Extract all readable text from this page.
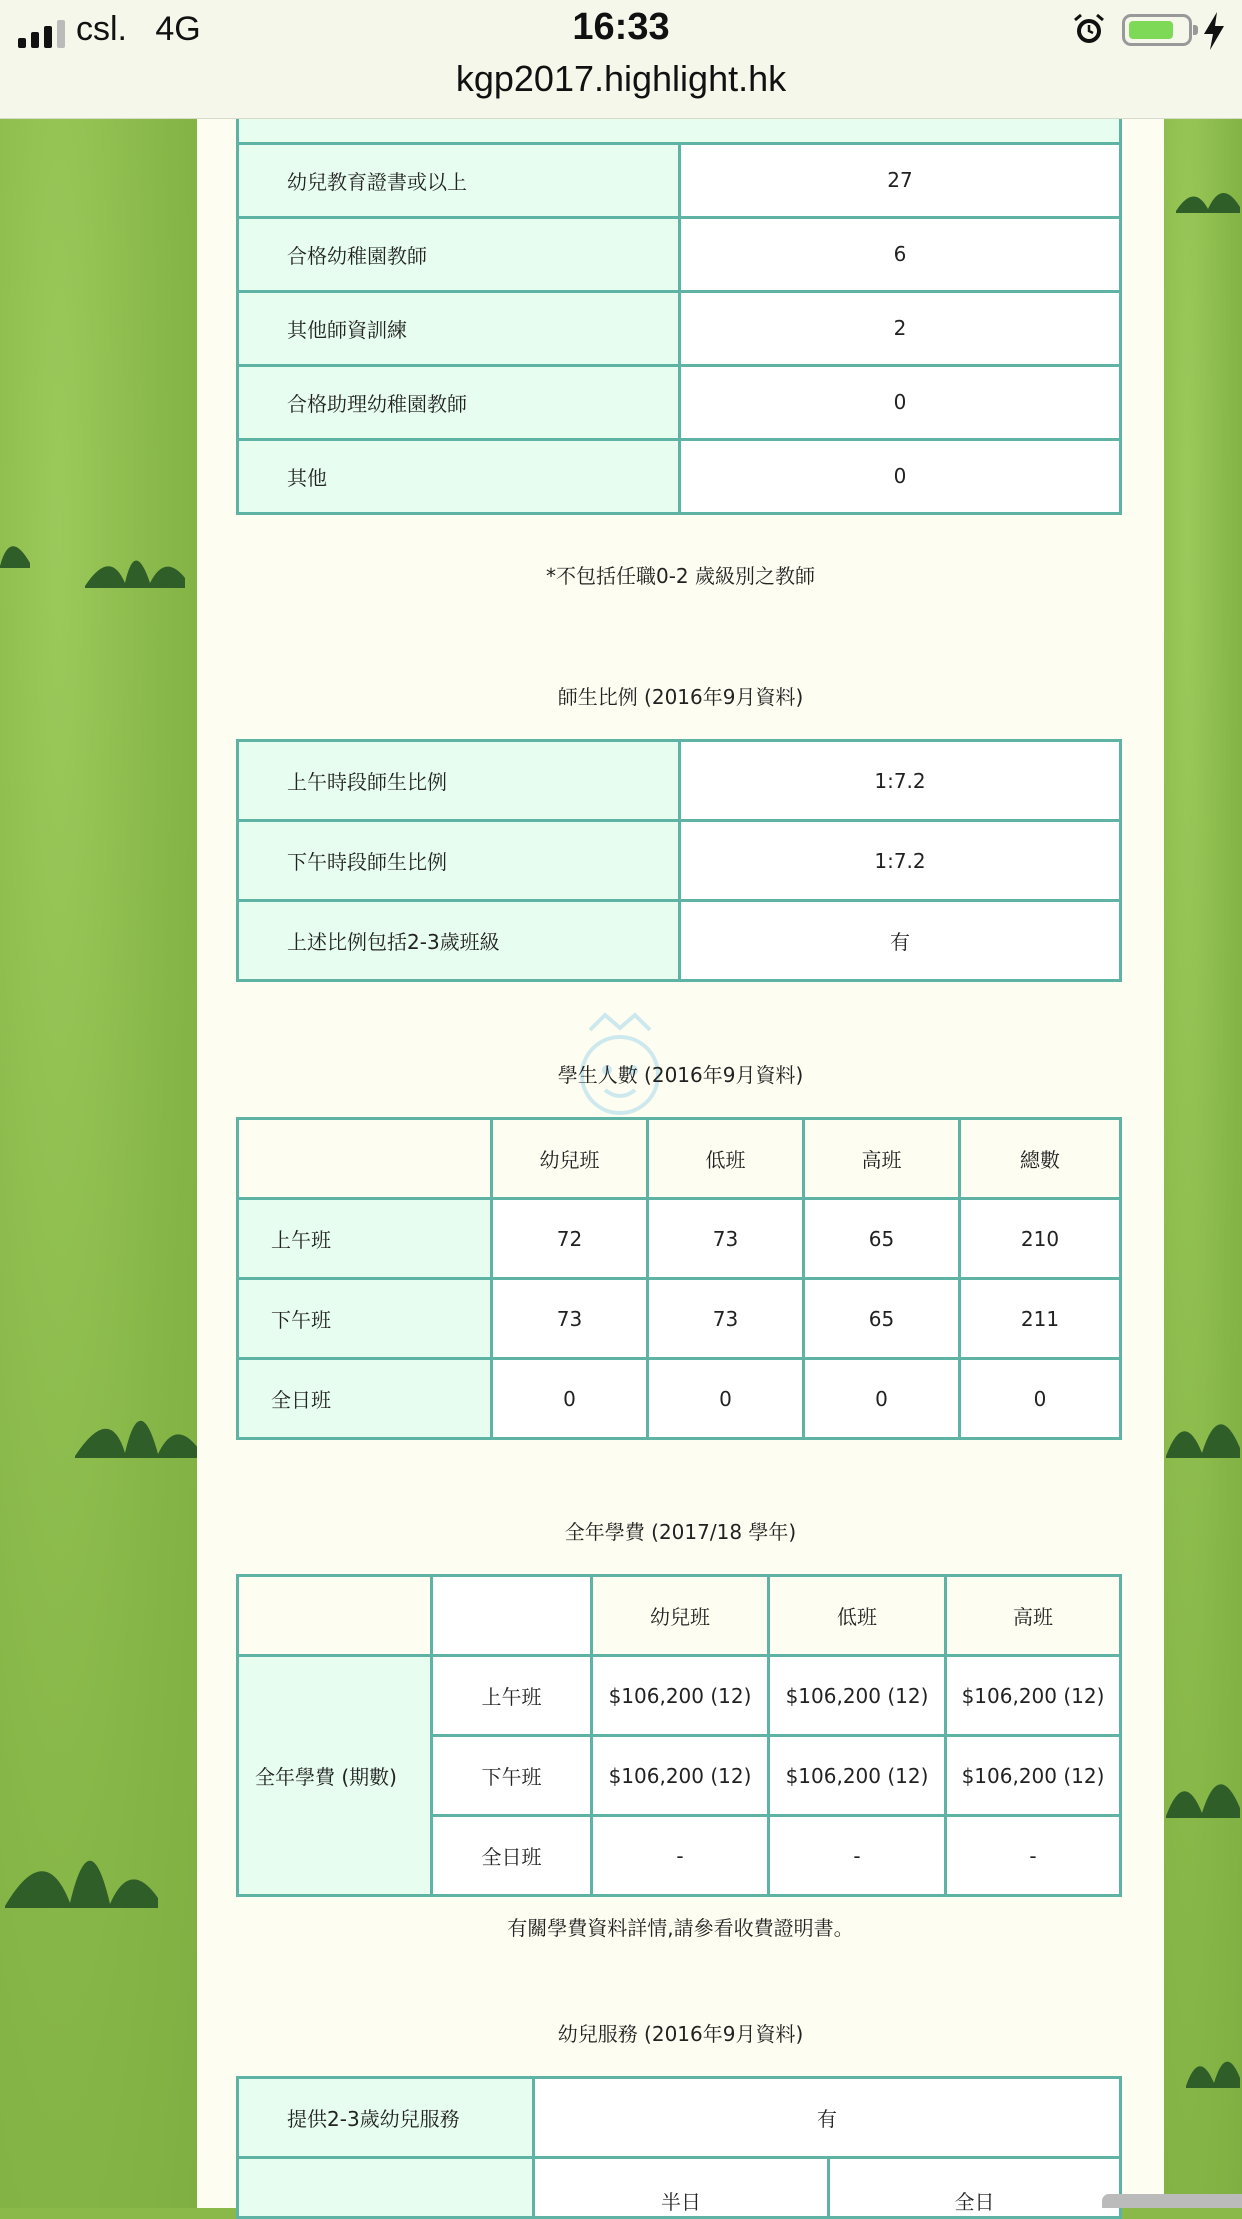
csl. 4G	16:33
kgp2017.highlight.hk

幼兒教育證書或以上	27
合格幼稚園教師	6
其他師資訓練	2
合格助理幼稚園教師	0
其他	0
*不包括任職0-2 歲級別之教師
師生比例 (2016年9月資料)
上午時段師生比例	1:7.2
下午時段師生比例	1:7.2
上述比例包括2-3歲班級	有
學生人數 (2016年9月資料)
	幼兒班	低班	高班	總數
上午班	72	73	65	210
下午班	73	73	65	211
全日班	0	0	0	0
全年學費 (2017/18 學年)
		幼兒班	低班	高班
全年學費 (期數)	上午班	$106,200 (12)	$106,200 (12)	$106,200 (12)
	下午班	$106,200 (12)	$106,200 (12)	$106,200 (12)
	全日班	-	-	-
有關學費資料詳情,請參看收費證明書。
幼兒服務 (2016年9月資料)
提供2-3歲幼兒服務	有	
	半日	全日
